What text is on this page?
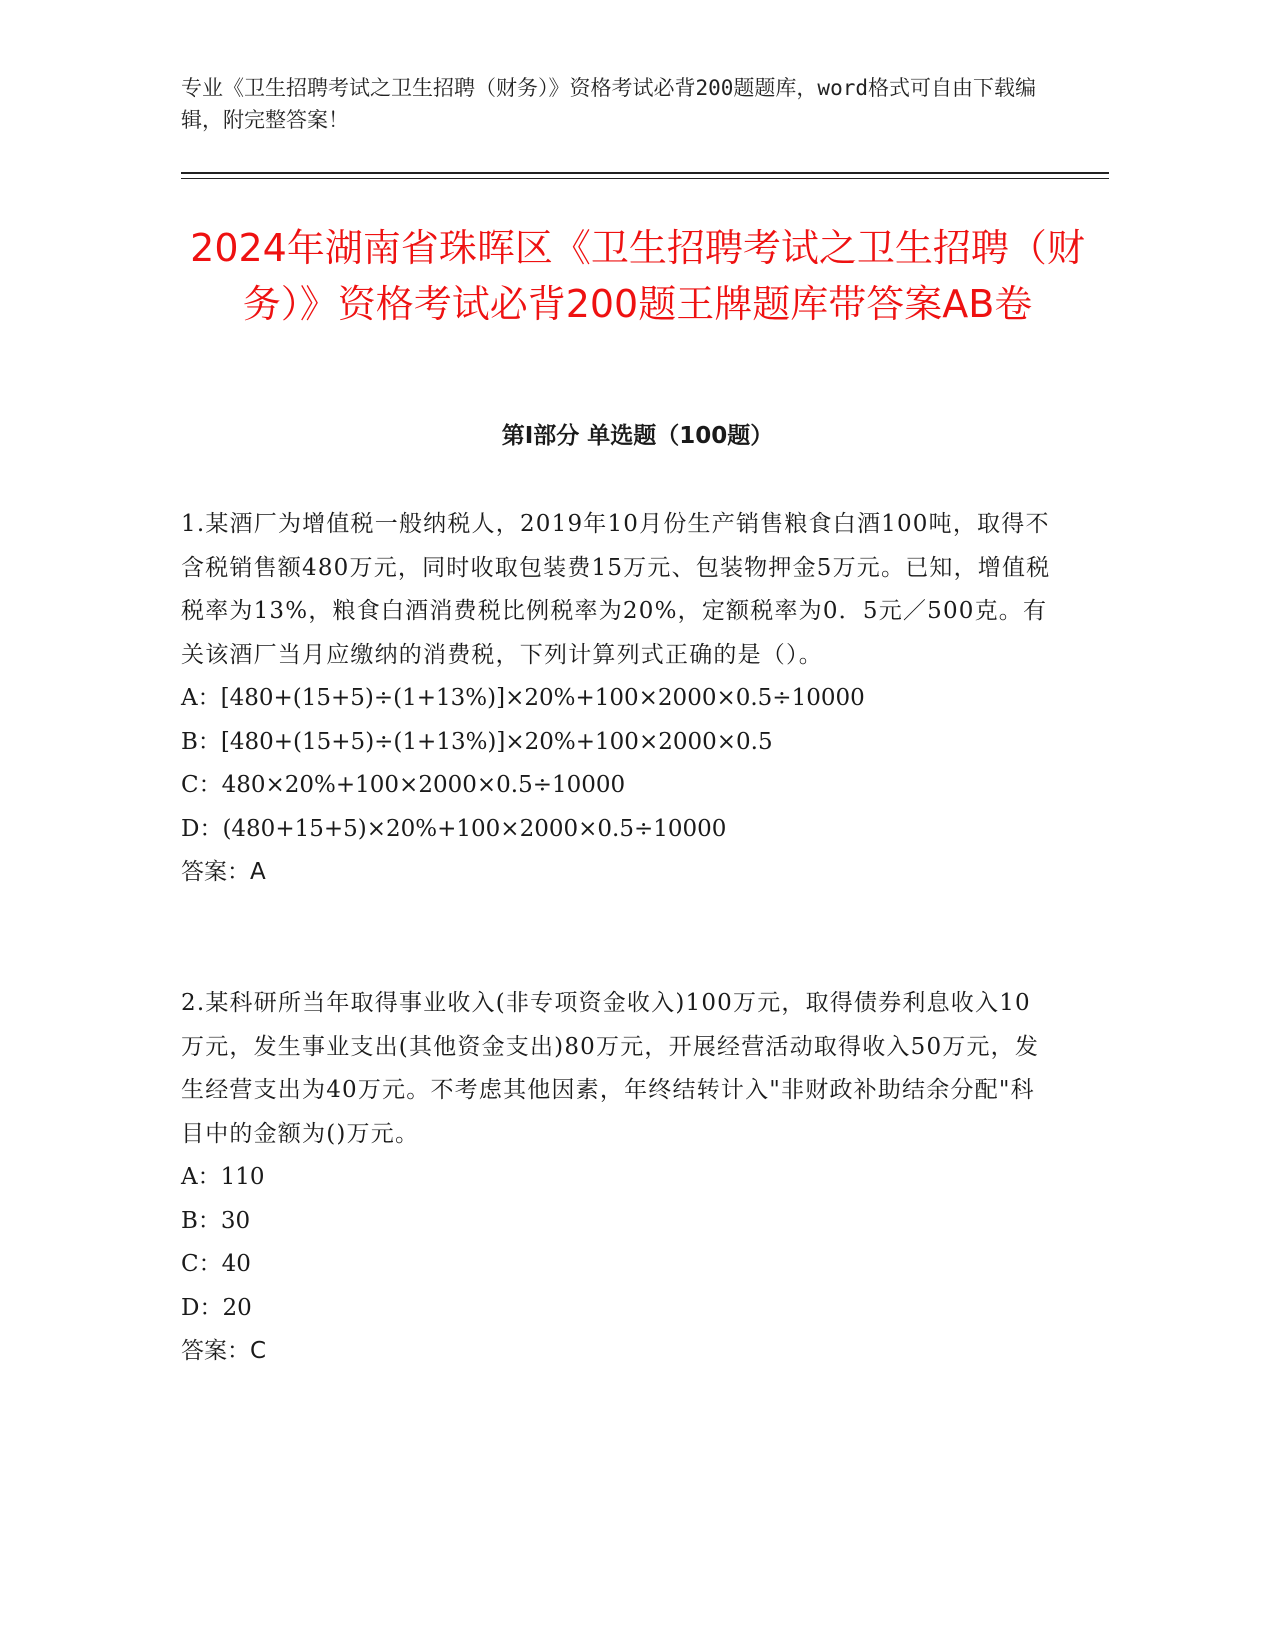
专业《卫生招聘考试之卫生招聘（财务）》资格考试必背200题题库，word格式可自由下载编辑，附完整答案！
2024年湖南省珠晖区《卫生招聘考试之卫生招聘（财务）》资格考试必背200题王牌题库带答案AB卷
第Ⅰ部分 单选题（100题）
1.某酒厂为增值税一般纳税人，2019年10月份生产销售粮食白酒100吨，取得不含税销售额480万元，同时收取包装费15万元、包装物押金5万元。已知，增值税税率为13%，粮食白酒消费税比例税率为20%，定额税率为0．5元／500克。有关该酒厂当月应缴纳的消费税，下列计算列式正确的是（）。
A：[480+(15+5)÷(1+13%)]×20%+100×2000×0.5÷10000
B：[480+(15+5)÷(1+13%)]×20%+100×2000×0.5
C：480×20%+100×2000×0.5÷10000
D：(480+15+5)×20%+100×2000×0.5÷10000
答案：A
2.某科研所当年取得事业收入(非专项资金收入)100万元，取得债券利息收入10万元，发生事业支出(其他资金支出)80万元，开展经营活动取得收入50万元，发生经营支出为40万元。不考虑其他因素，年终结转计入"非财政补助结余分配"科目中的金额为()万元。
A：110
B：30
C：40
D：20
答案：C
